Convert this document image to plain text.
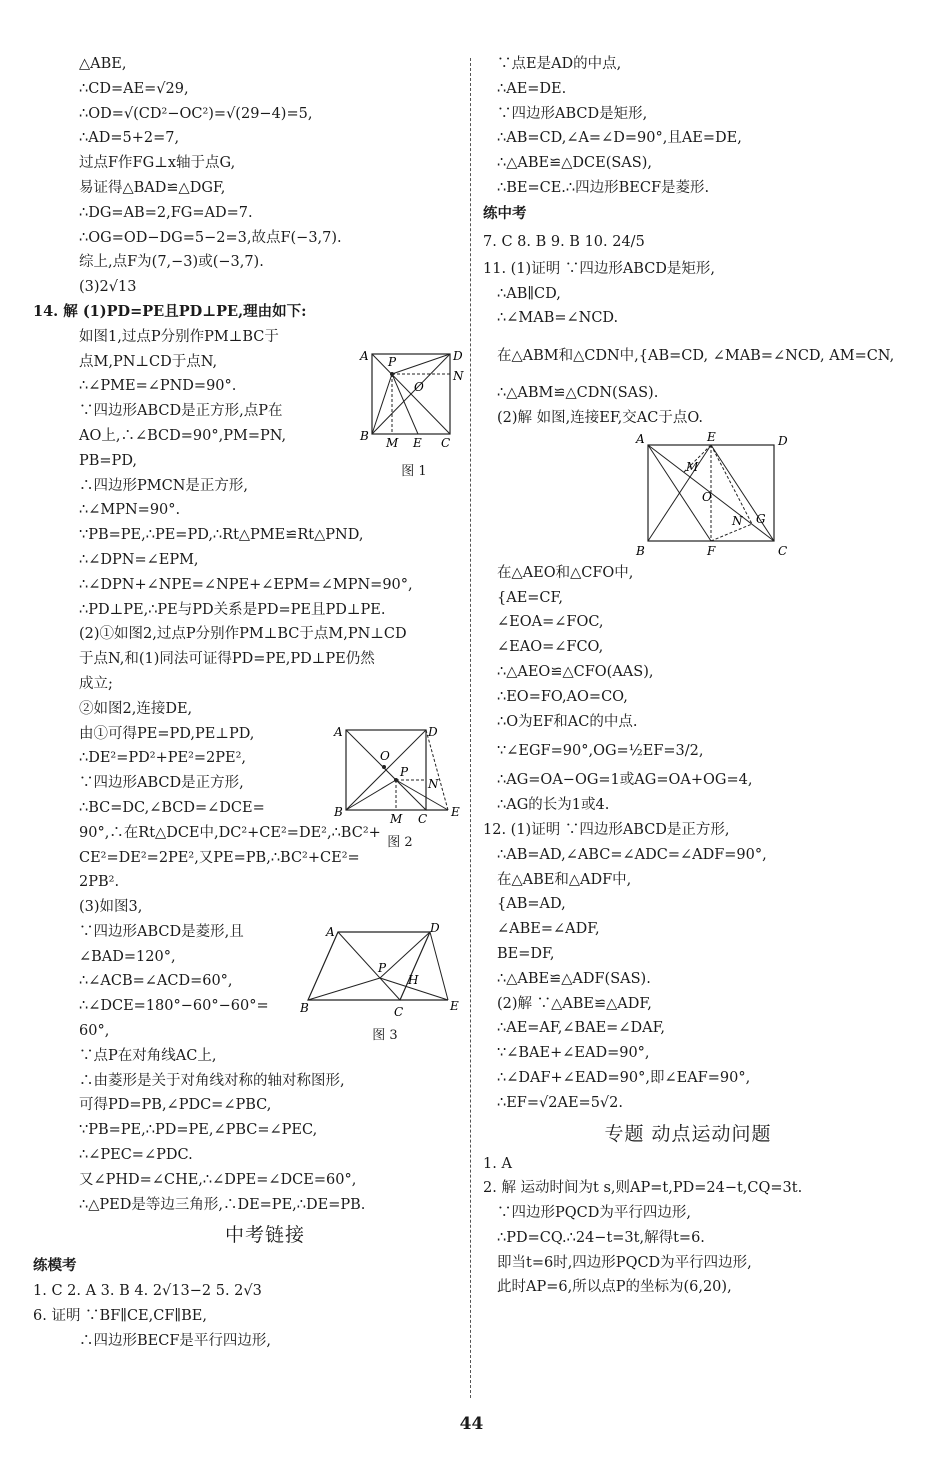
△ABE,
∴CD=AE=√29,
∴OD=√(CD²−OC²)=√(29−4)=5,
∴AD=5+2=7,
过点F作FG⊥x轴于点G,
易证得△BAD≌△DGF,
∴DG=AB=2,FG=AD=7.
∴OG=OD−DG=5−2=3,故点F(−3,7).
综上,点F为(7,−3)或(−3,7).
(3)2√13
14. 解 (1)PD=PE且PD⊥PE,理由如下:
如图1,过点P分别作PM⊥BC于
点M,PN⊥CD于点N,
∴∠PME=∠PND=90°.
∵四边形ABCD是正方形,点P在
AO上,∴∠BCD=90°,PM=PN,
PB=PD,
∴四边形PMCN是正方形,
∴∠MPN=90°.
∵PB=PE,∴PE=PD,∴Rt△PME≌Rt△PND,
∴∠DPN=∠EPM,
∴∠DPN+∠NPE=∠NPE+∠EPM=∠MPN=90°,
∴PD⊥PE,∴PE与PD关系是PD=PE且PD⊥PE.
(2)①如图2,过点P分别作PM⊥BC于点M,PN⊥CD
于点N,和(1)同法可证得PD=PE,PD⊥PE仍然
成立;
②如图2,连接DE,
由①可得PE=PD,PE⊥PD,
∴DE²=PD²+PE²=2PE²,
∵四边形ABCD是正方形,
∴BC=DC,∠BCD=∠DCE=
90°,∴在Rt△DCE中,DC²+CE²=DE²,∴BC²+
CE²=DE²=2PE²,又PE=PB,∴BC²+CE²=
2PB².
(3)如图3,
∵四边形ABCD是菱形,且
∠BAD=120°,
∴∠ACB=∠ACD=60°,
∴∠DCE=180°−60°−60°=
60°,
∵点P在对角线AC上,
∴由菱形是关于对角线对称的轴对称图形,
可得PD=PB,∠PDC=∠PBC,
∵PB=PE,∴PD=PE,∠PBC=∠PEC,
∴∠PEC=∠PDC.
又∠PHD=∠CHE,∴∠DPE=∠DCE=60°,
∴△PED是等边三角形,∴DE=PE,∴DE=PB.
中考链接
练模考
1. C 2. A 3. B 4. 2√13−2 5. 2√3
6. 证明 ∵BF∥CE,CF∥BE,
∴四边形BECF是平行四边形,
A	D
B	C
P
O
N
M E
图 1
A	D
B	C
O
P
N
M	E
图 2
A	D
B	C
P
H
E
图 3
∵点E是AD的中点,
∴AE=DE.
∵四边形ABCD是矩形,
∴AB=CD,∠A=∠D=90°,且AE=DE,
∴△ABE≌△DCE(SAS),
∴BE=CE.∴四边形BECF是菱形.
练中考
7. C 8. B 9. B 10. 24/5
11. (1)证明 ∵四边形ABCD是矩形,
∴AB∥CD,
∴∠MAB=∠NCD.
在△ABM和△CDN中,{AB=CD, ∠MAB=∠NCD, AM=CN,
∴△ABM≌△CDN(SAS).
(2)解 如图,连接EF,交AC于点O.
A	E	D
B	F	C
M
O
N G
在△AEO和△CFO中,
{AE=CF,
∠EOA=∠FOC,
∠EAO=∠FCO,
∴△AEO≌△CFO(AAS),
∴EO=FO,AO=CO,
∴O为EF和AC的中点.
∵∠EGF=90°,OG=½EF=3/2,
∴AG=OA−OG=1或AG=OA+OG=4,
∴AG的长为1或4.
12. (1)证明 ∵四边形ABCD是正方形,
∴AB=AD,∠ABC=∠ADC=∠ADF=90°,
在△ABE和△ADF中,
{AB=AD,
∠ABE=∠ADF,
BE=DF,
∴△ABE≌△ADF(SAS).
(2)解 ∵△ABE≌△ADF,
∴AE=AF,∠BAE=∠DAF,
∵∠BAE+∠EAD=90°,
∴∠DAF+∠EAD=90°,即∠EAF=90°,
∴EF=√2AE=5√2.
专题 动点运动问题
1. A
2. 解 运动时间为t s,则AP=t,PD=24−t,CQ=3t.
∵四边形PQCD为平行四边形,
∴PD=CQ.∴24−t=3t,解得t=6.
即当t=6时,四边形PQCD为平行四边形,
此时AP=6,所以点P的坐标为(6,20),
44
